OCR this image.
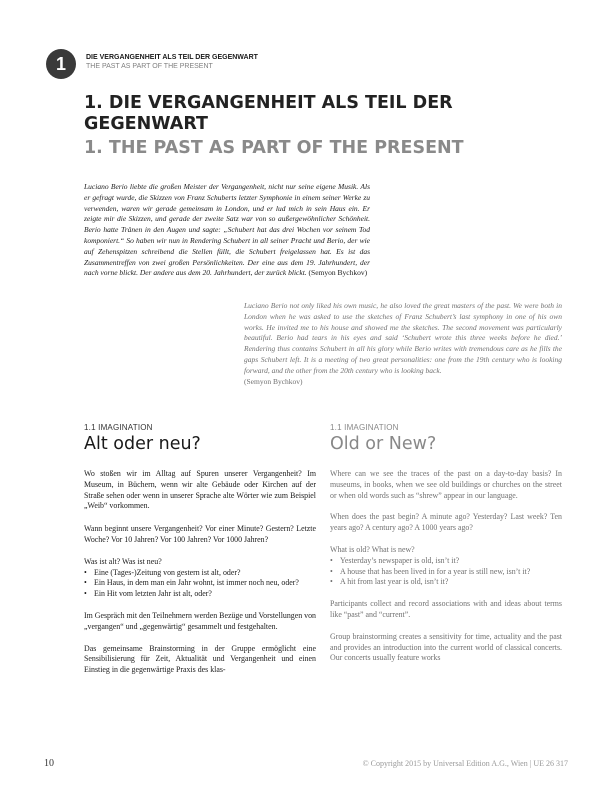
1	DIE VERGANGENHEIT ALS TEIL DER GEGENWART
THE PAST AS PART OF THE PRESENT
1. DIE VERGANGENHEIT ALS TEIL DER GEGENWART
1. THE PAST AS PART OF THE PRESENT
Luciano Berio liebte die großen Meister der Vergangenheit, nicht nur seine eigene Musik. Als er gefragt wurde, die Skizzen von Franz Schuberts letzter Symphonie in einem seiner Werke zu verwenden, waren wir gerade gemeinsam in London, und er lud mich in sein Haus ein. Er zeigte mir die Skizzen, und gerade der zweite Satz war von so außergewöhnlicher Schönheit. Berio hatte Tränen in den Augen und sagte: „Schubert hat das drei Wochen vor seinem Tod komponiert.“ So haben wir nun in Rendering Schubert in all seiner Pracht und Berio, der wie auf Zehenspitzen schreibend die Stellen füllt, die Schubert freigelassen hat. Es ist das Zusammentreffen von zwei großen Persönlichkeiten. Der eine aus dem 19. Jahrhundert, der nach vorne blickt. Der andere aus dem 20. Jahrhundert, der zurück blickt. (Semyon Bychkov)
Luciano Berio not only liked his own music, he also loved the great masters of the past. We were both in London when he was asked to use the sketches of Franz Schubert’s last symphony in one of his own works. He invited me to his house and showed me the sketches. The second movement was particularly beautiful. Berio had tears in his eyes and said ‘Schubert wrote this three weeks before he died.’ Rendering thus contains Schubert in all his glory while Berio writes with tremendous care as he fills the gaps Schubert left. It is a meeting of two great personalities: one from the 19th century who is looking forward, and the other from the 20th century who is looking back.
(Semyon Bychkov)
1.1 IMAGINATION
Alt oder neu?

Wo stoßen wir im Alltag auf Spuren unserer Vergangenheit? Im Museum, in Büchern, wenn wir alte Gebäude oder Kirchen auf der Straße sehen oder wenn in unserer Sprache alte Wörter wie zum Beispiel „Weib“ vorkommen.

Wann beginnt unsere Vergangenheit? Vor einer Minute? Gestern? Letzte Woche? Vor 10 Jahren? Vor 100 Jahren? Vor 1000 Jahren?

Was ist alt? Was ist neu?

• Eine (Tages-)Zeitung von gestern ist alt, oder?
• Ein Haus, in dem man ein Jahr wohnt, ist immer noch neu, oder?
• Ein Hit vom letzten Jahr ist alt, oder?

Im Gespräch mit den Teilnehmern werden Bezüge und Vorstellungen von „vergangen“ und „gegenwärtig“ gesammelt und festgehalten.

Das gemeinsame Brainstorming in der Gruppe ermöglicht eine Sensibilisierung für Zeit, Aktualität und Vergangenheit und einen Einstieg in die gegenwärtige Praxis des klas-

1.1 IMAGINATION
Old or New?

Where can we see the traces of the past on a day-to-day basis? In museums, in books, when we see old buildings or churches on the street or when old words such as “shrew” appear in our language.

When does the past begin? A minute ago? Yesterday? Last week? Ten years ago? A century ago? A 1000 years ago?

What is old? What is new?

• Yesterday’s newspaper is old, isn’t it?
• A house that has been lived in for a year is still new, isn’t it?
• A hit from last year is old, isn’t it?

Participants collect and record associations with and ideas about terms like “past” and “current”.

Group brainstorming creates a sensitivity for time, actuality and the past and provides an introduction into the current world of classical concerts. Our concerts usually feature works

10	© Copyright 2015 by Universal Edition A.G., Wien | UE 26 317
